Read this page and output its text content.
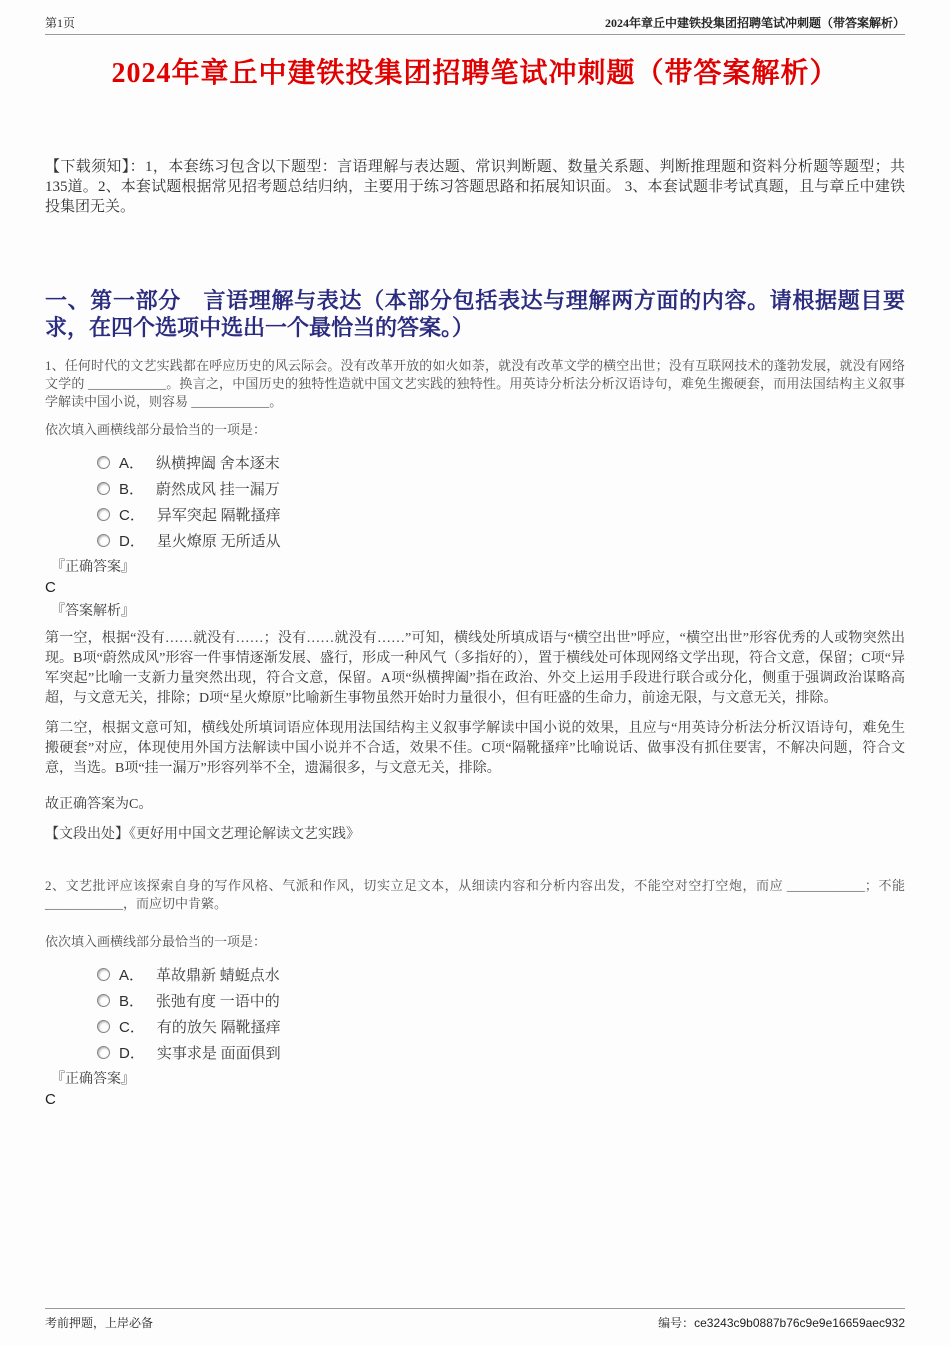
第1页	2024年章丘中建铁投集团招聘笔试冲刺题（带答案解析）
2024年章丘中建铁投集团招聘笔试冲刺题（带答案解析）

【下载须知】：1，本套练习包含以下题型：言语理解与表达题、常识判断题、数量关系题、判断推理题和资料分析题等题型；共135道。2、本套试题根据常见招考题总结归纳，主要用于练习答题思路和拓展知识面。 3、本套试题非考试真题，且与章丘中建铁投集团无关。

一、第一部分　言语理解与表达（本部分包括表达与理解两方面的内容。请根据题目要求，在四个选项中选出一个最恰当的答案。）

1、任何时代的文艺实践都在呼应历史的风云际会。没有改革开放的如火如荼，就没有改革文学的横空出世；没有互联网技术的蓬勃发展，就没有网络文学的 ____________。换言之，中国历史的独特性造就中国文艺实践的独特性。用英诗分析法分析汉语诗句，难免生搬硬套，而用法国结构主义叙事学解读中国小说，则容易 ____________。

依次填入画横线部分最恰当的一项是：

A． 纵横捭阖 舍本逐末
B． 蔚然成风 挂一漏万
C． 异军突起 隔靴搔痒
D． 星火燎原 无所适从

『正确答案』

C

『答案解析』

第一空，根据“没有……就没有……；没有……就没有……”可知，横线处所填成语与“横空出世”呼应，“横空出世”形容优秀的人或物突然出现。B项“蔚然成风”形容一件事情逐渐发展、盛行，形成一种风气（多指好的），置于横线处可体现网络文学出现，符合文意，保留；C项“异军突起”比喻一支新力量突然出现，符合文意，保留。A项“纵横捭阖”指在政治、外交上运用手段进行联合或分化，侧重于强调政治谋略高超，与文意无关，排除；D项“星火燎原”比喻新生事物虽然开始时力量很小，但有旺盛的生命力，前途无限，与文意无关，排除。

第二空，根据文意可知，横线处所填词语应体现用法国结构主义叙事学解读中国小说的效果，且应与“用英诗分析法分析汉语诗句，难免生搬硬套”对应，体现使用外国方法解读中国小说并不合适，效果不佳。C项“隔靴搔痒”比喻说话、做事没有抓住要害，不解决问题，符合文意，当选。B项“挂一漏万”形容列举不全，遗漏很多，与文意无关，排除。

故正确答案为C。

【文段出处】《更好用中国文艺理论解读文艺实践》

2、文艺批评应该探索自身的写作风格、气派和作风，切实立足文本，从细读内容和分析内容出发，不能空对空打空炮，而应 ____________；不能 ____________，而应切中肯綮。

依次填入画横线部分最恰当的一项是：

A． 革故鼎新 蜻蜓点水
B． 张弛有度 一语中的
C． 有的放矢 隔靴搔痒
D． 实事求是 面面俱到

『正确答案』

C

考前押题，上岸必备	编号：ce3243c9b0887b76c9e9e16659aec932
